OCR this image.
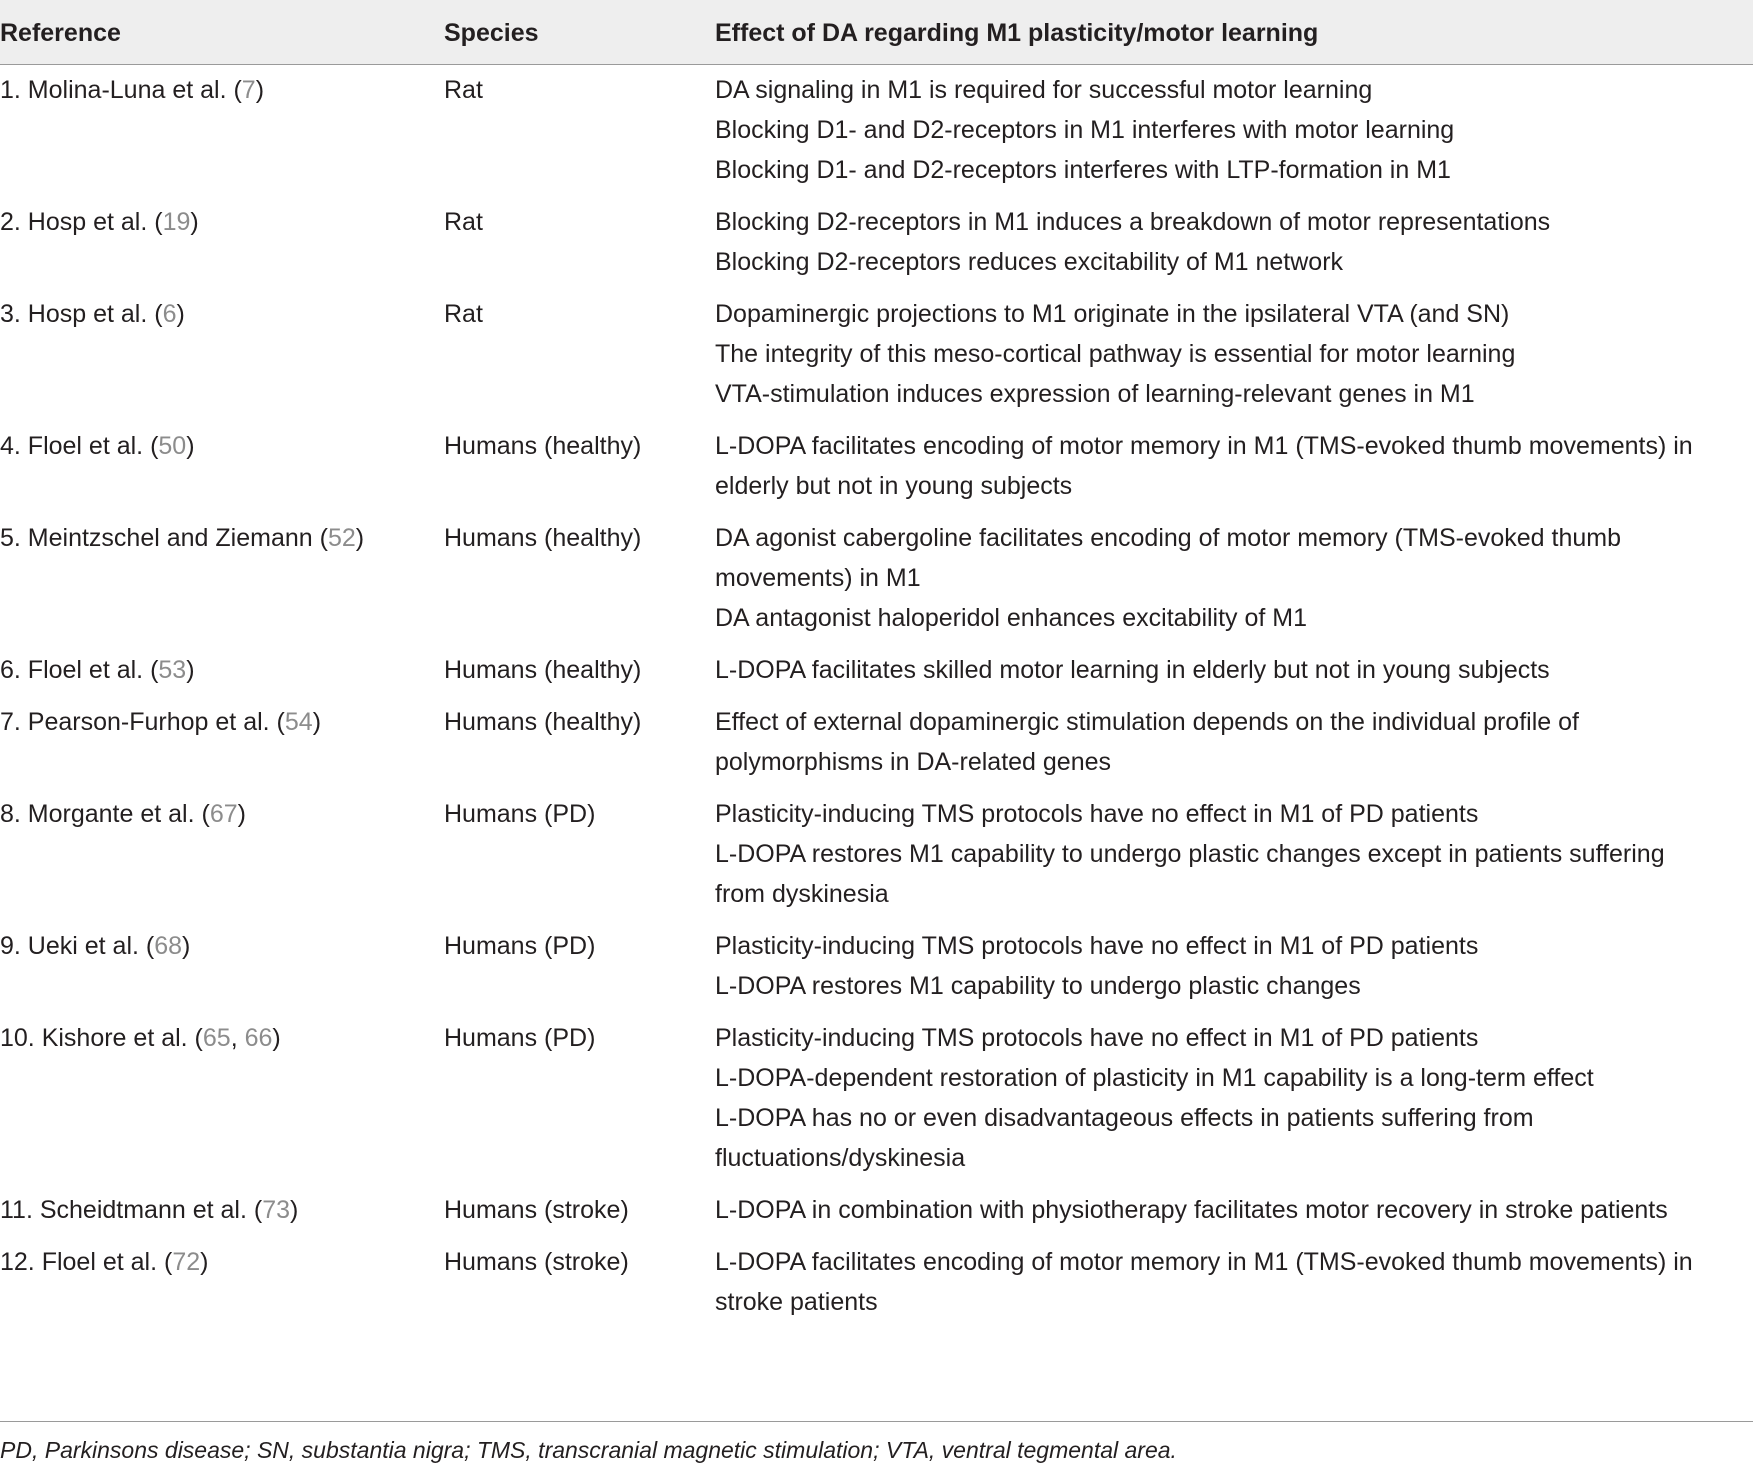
Reference	Species	Effect of DA regarding M1 plasticity/motor learning
1. Molina-Luna et al. (7)	Rat	DA signaling in M1 is required for successful motor learning
Blocking D1- and D2-receptors in M1 interferes with motor learning
Blocking D1- and D2-receptors interferes with LTP-formation in M1
2. Hosp et al. (19)	Rat	Blocking D2-receptors in M1 induces a breakdown of motor representations
Blocking D2-receptors reduces excitability of M1 network
3. Hosp et al. (6)	Rat	Dopaminergic projections to M1 originate in the ipsilateral VTA (and SN)
The integrity of this meso-cortical pathway is essential for motor learning
VTA-stimulation induces expression of learning-relevant genes in M1
4. Floel et al. (50)	Humans (healthy)	L-DOPA facilitates encoding of motor memory in M1 (TMS-evoked thumb movements) in
elderly but not in young subjects
5. Meintzschel and Ziemann (52)	Humans (healthy)	DA agonist cabergoline facilitates encoding of motor memory (TMS-evoked thumb
movements) in M1
DA antagonist haloperidol enhances excitability of M1
6. Floel et al. (53)	Humans (healthy)	L-DOPA facilitates skilled motor learning in elderly but not in young subjects
7. Pearson-Furhop et al. (54)	Humans (healthy)	Effect of external dopaminergic stimulation depends on the individual profile of
polymorphisms in DA-related genes
8. Morgante et al. (67)	Humans (PD)	Plasticity-inducing TMS protocols have no effect in M1 of PD patients
L-DOPA restores M1 capability to undergo plastic changes except in patients suffering
from dyskinesia
9. Ueki et al. (68)	Humans (PD)	Plasticity-inducing TMS protocols have no effect in M1 of PD patients
L-DOPA restores M1 capability to undergo plastic changes
10. Kishore et al. (65, 66)	Humans (PD)	Plasticity-inducing TMS protocols have no effect in M1 of PD patients
L-DOPA-dependent restoration of plasticity in M1 capability is a long-term effect
L-DOPA has no or even disadvantageous effects in patients suffering from
fluctuations/dyskinesia
11. Scheidtmann et al. (73)	Humans (stroke)	L-DOPA in combination with physiotherapy facilitates motor recovery in stroke patients
12. Floel et al. (72)	Humans (stroke)	L-DOPA facilitates encoding of motor memory in M1 (TMS-evoked thumb movements) in
stroke patients
PD, Parkinsons disease; SN, substantia nigra; TMS, transcranial magnetic stimulation; VTA, ventral tegmental area.
